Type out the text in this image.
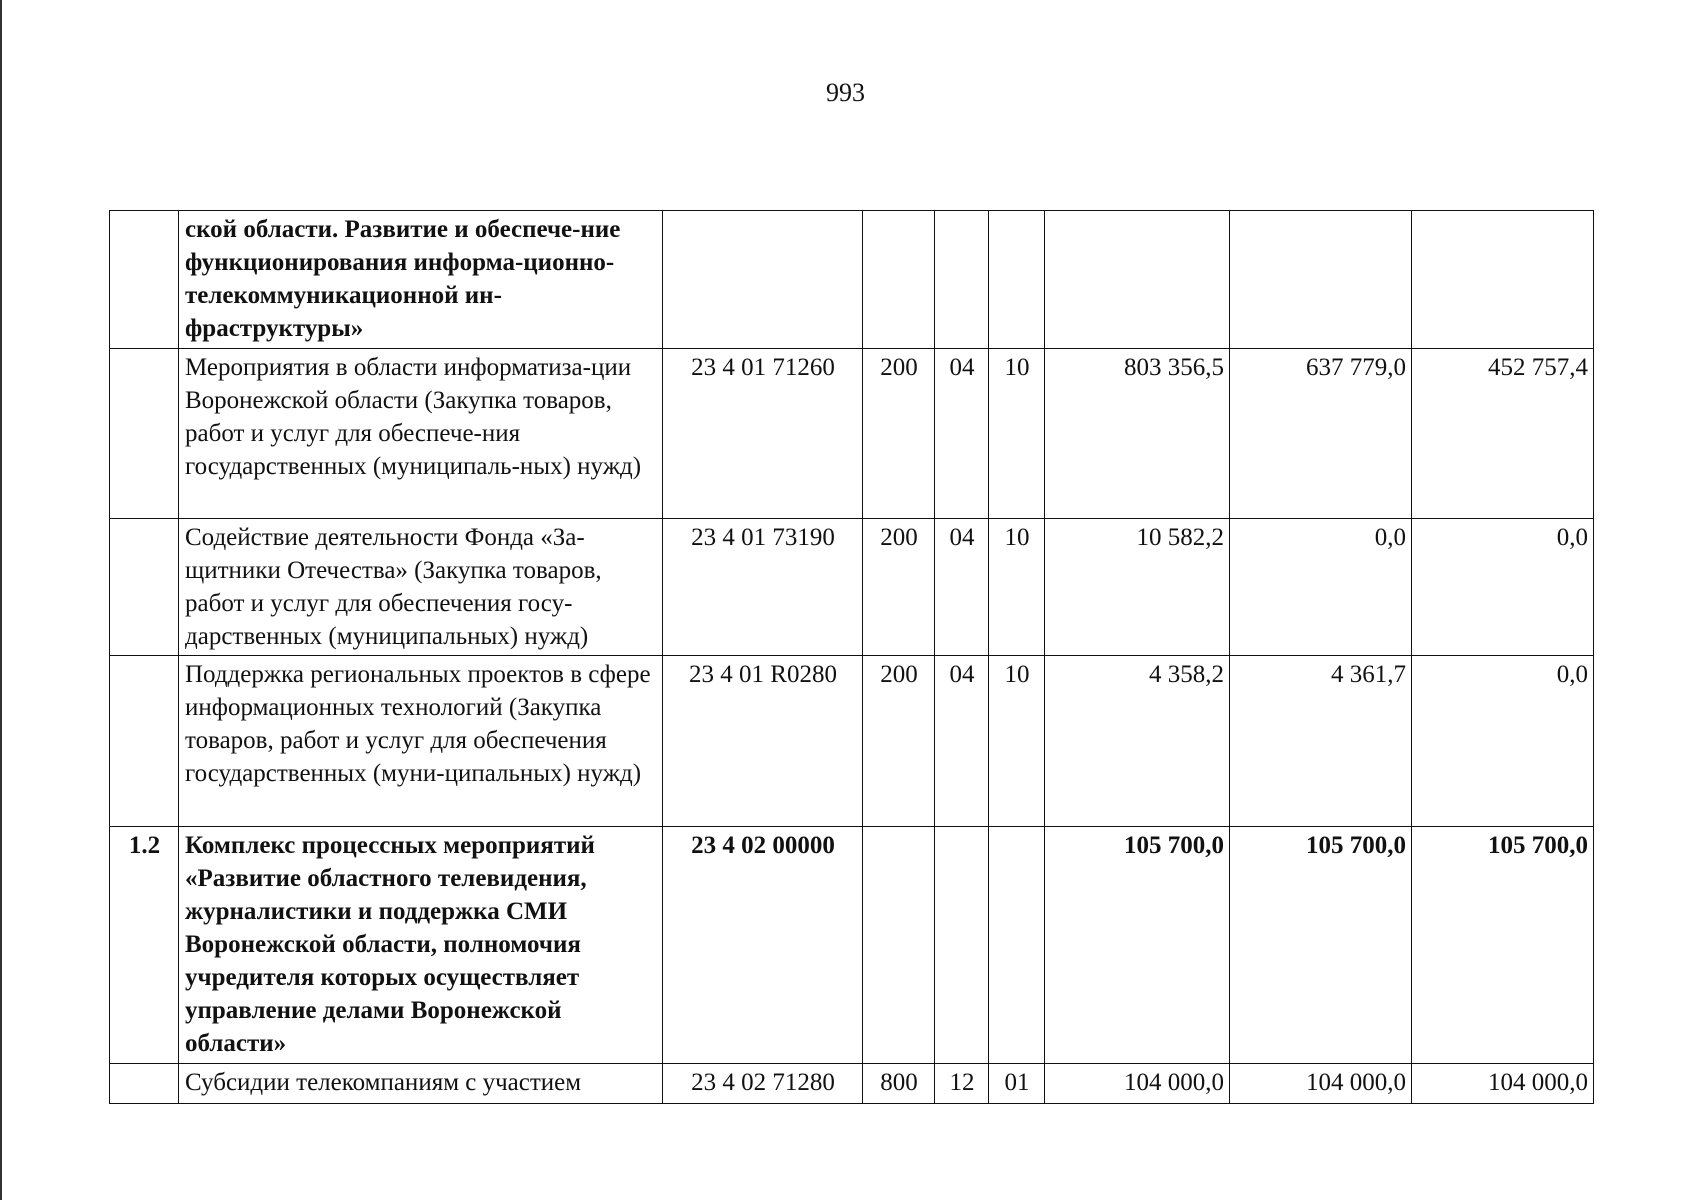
993
	ской области. Развитие и обеспече-ние функционирования информа-ционно-телекоммуникационной ин-фраструктуры»							
	Мероприятия в области информатиза-ции Воронежской области (Закупка товаров, работ и услуг для обеспече-ния государственных (муниципаль-ных) нужд)	23 4 01 71260	200	04	10	803 356,5	637 779,0	452 757,4
	Содействие деятельности Фонда «За-щитники Отечества» (Закупка товаров, работ и услуг для обеспечения госу-дарственных (муниципальных) нужд)	23 4 01 73190	200	04	10	10 582,2	0,0	0,0
	Поддержка региональных проектов в сфере информационных технологий (Закупка товаров, работ и услуг для обеспечения государственных (муни-ципальных) нужд)	23 4 01 R0280	200	04	10	4 358,2	4 361,7	0,0
1.2	Комплекс процессных мероприятий «Развитие областного телевидения, журналистики и поддержка СМИ Воронежской области, полномочия учредителя которых осуществляет управление делами Воронежской области»	23 4 02 00000				105 700,0	105 700,0	105 700,0
	Субсидии телекомпаниям с участием	23 4 02 71280	800	12	01	104 000,0	104 000,0	104 000,0
